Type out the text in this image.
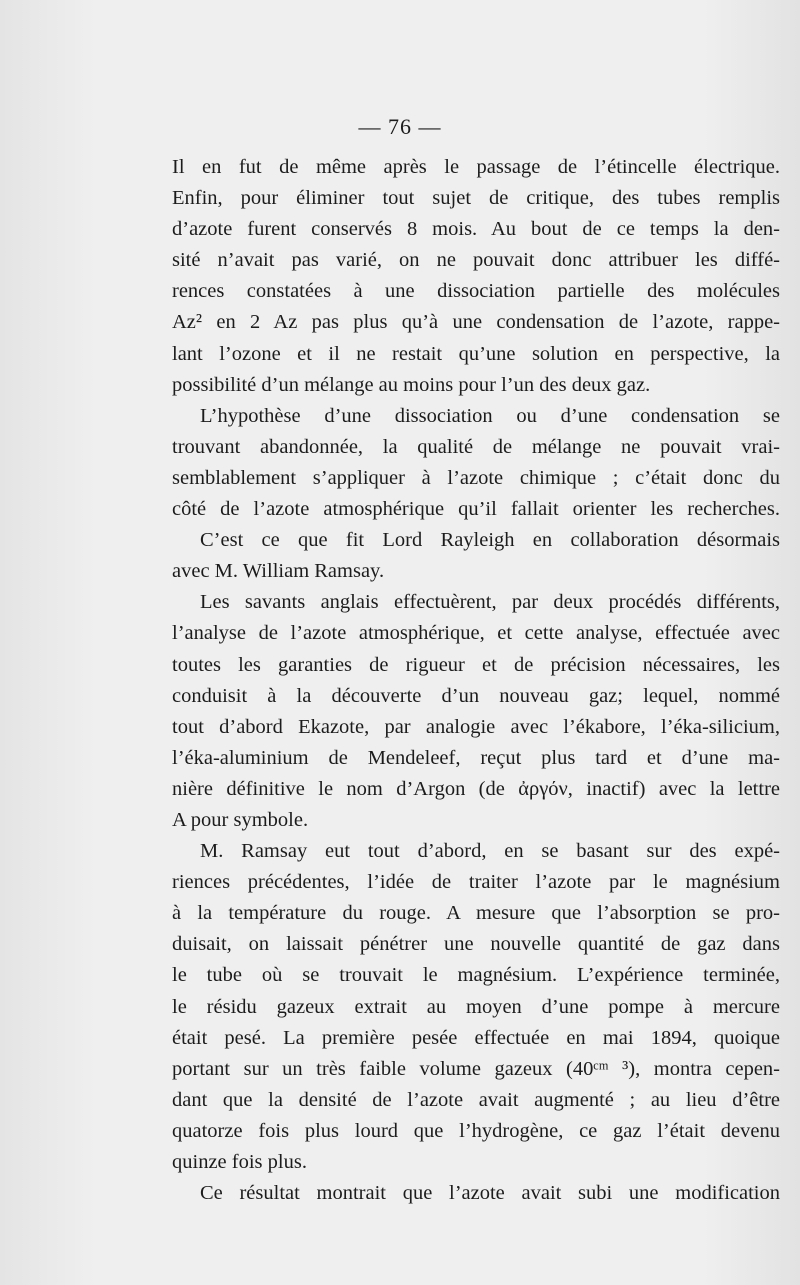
— 76 —
Il en fut de même après le passage de l’étincelle électrique.
Enfin, pour éliminer tout sujet de critique, des tubes remplis
d’azote furent conservés 8 mois. Au bout de ce temps la den-
sité n’avait pas varié, on ne pouvait donc attribuer les diffé-
rences constatées à une dissociation partielle des molécules
Az² en 2 Az pas plus qu’à une condensation de l’azote, rappe-
lant l’ozone et il ne restait qu’une solution en perspective, la
possibilité d’un mélange au moins pour l’un des deux gaz.
L’hypothèse d’une dissociation ou d’une condensation se
trouvant abandonnée, la qualité de mélange ne pouvait vrai-
semblablement s’appliquer à l’azote chimique ; c’était donc du
côté de l’azote atmosphérique qu’il fallait orienter les recherches.
C’est ce que fit Lord Rayleigh en collaboration désormais
avec M. William Ramsay.
Les savants anglais effectuèrent, par deux procédés différents,
l’analyse de l’azote atmosphérique, et cette analyse, effectuée avec
toutes les garanties de rigueur et de précision nécessaires, les
conduisit à la découverte d’un nouveau gaz; lequel, nommé
tout d’abord Ekazote, par analogie avec l’ékabore, l’éka-silicium,
l’éka-aluminium de Mendeleef, reçut plus tard et d’une ma-
nière définitive le nom d’Argon (de ἀργόν, inactif) avec la lettre
A pour symbole.
M. Ramsay eut tout d’abord, en se basant sur des expé-
riences précédentes, l’idée de traiter l’azote par le magnésium
à la température du rouge. A mesure que l’absorption se pro-
duisait, on laissait pénétrer une nouvelle quantité de gaz dans
le tube où se trouvait le magnésium. L’expérience terminée,
le résidu gazeux extrait au moyen d’une pompe à mercure
était pesé. La première pesée effectuée en mai 1894, quoique
portant sur un très faible volume gazeux (40ᶜᵐ ³), montra cepen-
dant que la densité de l’azote avait augmenté ; au lieu d’être
quatorze fois plus lourd que l’hydrogène, ce gaz l’était devenu
quinze fois plus.
Ce résultat montrait que l’azote avait subi une modification
